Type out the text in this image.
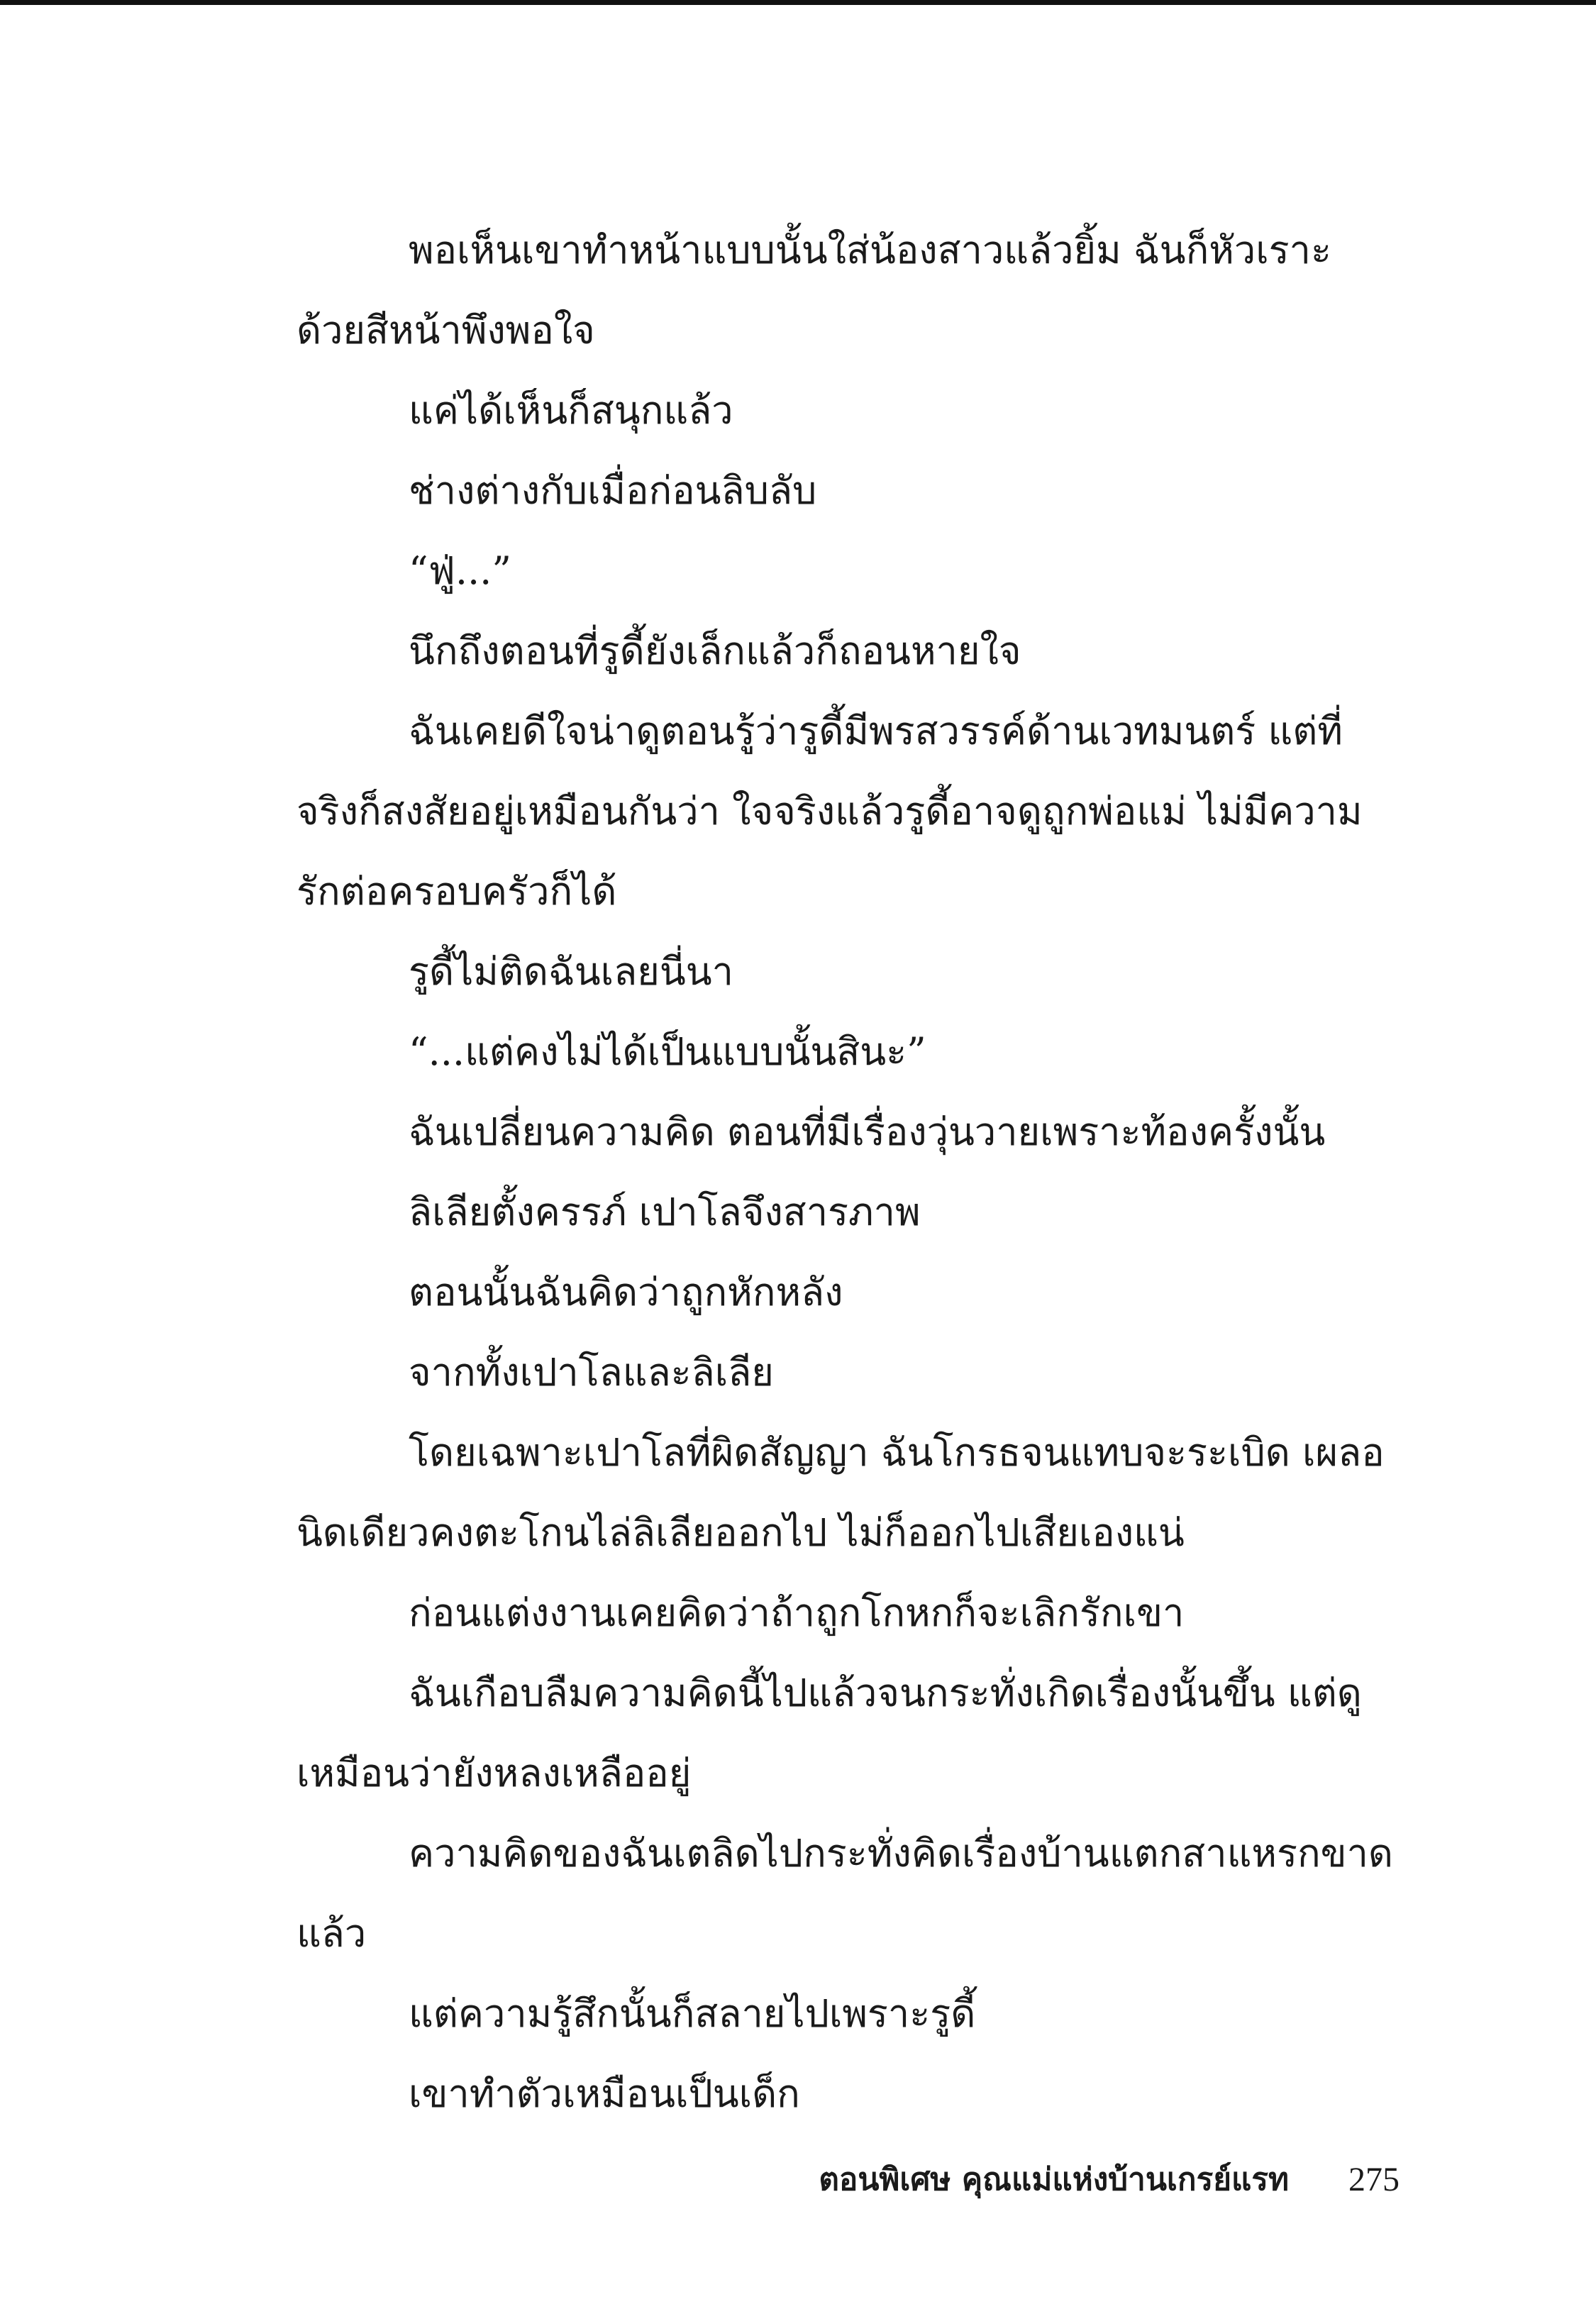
พอเห็นเขาทำหน้าแบบนั้นใส่น้องสาวแล้วยิ้ม ฉันก็หัวเราะด้วยสีหน้าพึงพอใจ

แค่ได้เห็นก็สนุกแล้ว

ช่างต่างกับเมื่อก่อนลิบลับ

“ฟู่...”

นึกถึงตอนที่รูดี้ยังเล็กแล้วก็ถอนหายใจ

ฉันเคยดีใจน่าดูตอนรู้ว่ารูดี้มีพรสวรรค์ด้านเวทมนตร์ แต่ที่จริงก็สงสัยอยู่เหมือนกันว่า ใจจริงแล้วรูดี้อาจดูถูกพ่อแม่ ไม่มีความรักต่อครอบครัวก็ได้

รูดี้ไม่ติดฉันเลยนี่นา

“...แต่คงไม่ได้เป็นแบบนั้นสินะ”

ฉันเปลี่ยนความคิด ตอนที่มีเรื่องวุ่นวายเพราะท้องครั้งนั้น

ลิเลียตั้งครรภ์ เปาโลจึงสารภาพ

ตอนนั้นฉันคิดว่าถูกหักหลัง

จากทั้งเปาโลและลิเลีย

โดยเฉพาะเปาโลที่ผิดสัญญา ฉันโกรธจนแทบจะระเบิด เผลอนิดเดียวคงตะโกนไล่ลิเลียออกไป ไม่ก็ออกไปเสียเองแน่

ก่อนแต่งงานเคยคิดว่าถ้าถูกโกหกก็จะเลิกรักเขา

ฉันเกือบลืมความคิดนี้ไปแล้วจนกระทั่งเกิดเรื่องนั้นขึ้น แต่ดูเหมือนว่ายังหลงเหลืออยู่

ความคิดของฉันเตลิดไปกระทั่งคิดเรื่องบ้านแตกสาแหรกขาดแล้ว

แต่ความรู้สึกนั้นก็สลายไปเพราะรูดี้

เขาทำตัวเหมือนเป็นเด็ก

ตอนพิเศษ คุณแม่แห่งบ้านเกรย์แรท 275
